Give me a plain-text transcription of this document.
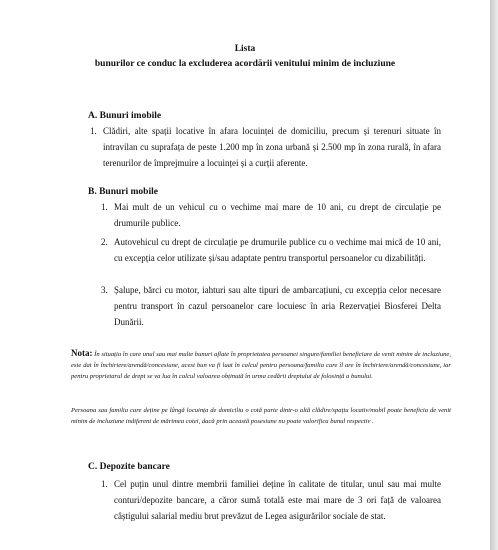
Lista
bunurilor ce conduc la excluderea acordării venitului minim de incluziune
A. Bunuri imobile
1. Clădiri, alte spații locative în afara locuinței de domiciliu, precum și terenuri situate în intravilan cu suprafața de peste 1.200 mp în zona urbană și 2.500 mp în zona rurală, în afara terenurilor de împrejmuire a locuinței și a curții aferente.
B. Bunuri mobile
1. Mai mult de un vehicul cu o vechime mai mare de 10 ani, cu drept de circulație pe drumurile publice.
2. Autovehicul cu drept de circulație pe drumurile publice cu o vechime mai mică de 10 ani, cu excepția celor utilizate și/sau adaptate pentru transportul persoanelor cu dizabilități.
3. Șalupe, bărci cu motor, iahturi sau alte tipuri de ambarcațiuni, cu excepția celor necesare pentru transport în cazul persoanelor care locuiesc în aria Rezervației Biosferei Delta Dunării.
Nota: În situația în care unul sau mai multe bunuri aflate în proprietatea persoanei singure/familiei beneficiare de venit minim de incluziune, este dat în închiriere/arendă/concesiune, acest bun va fi luat în calcul pentru persoana/familia care îl are în închiriere/arendă/concesiune, iar pentru proprietarul de drept se va lua în calcul valoarea obținută în urma cedării dreptului de folosință a bunului.
Persoana sau familia care deține pe lângă locuința de domiciliu o cotă parte dintr-o altă clădire/spațiu locativ/mobil poate beneficia de venit minim de incluziune indiferent de mărimea cotei, dacă prin această posesiune nu poate valorifica bunul respectiv .
C. Depozite bancare
1. Cel puțin unul dintre membrii familiei deține în calitate de titular, unul sau mai multe conturi/depozite bancare, a căror sumă totală este mai mare de 3 ori față de valoarea câștigului salarial mediu brut prevăzut de Legea asigurărilor sociale de stat.
